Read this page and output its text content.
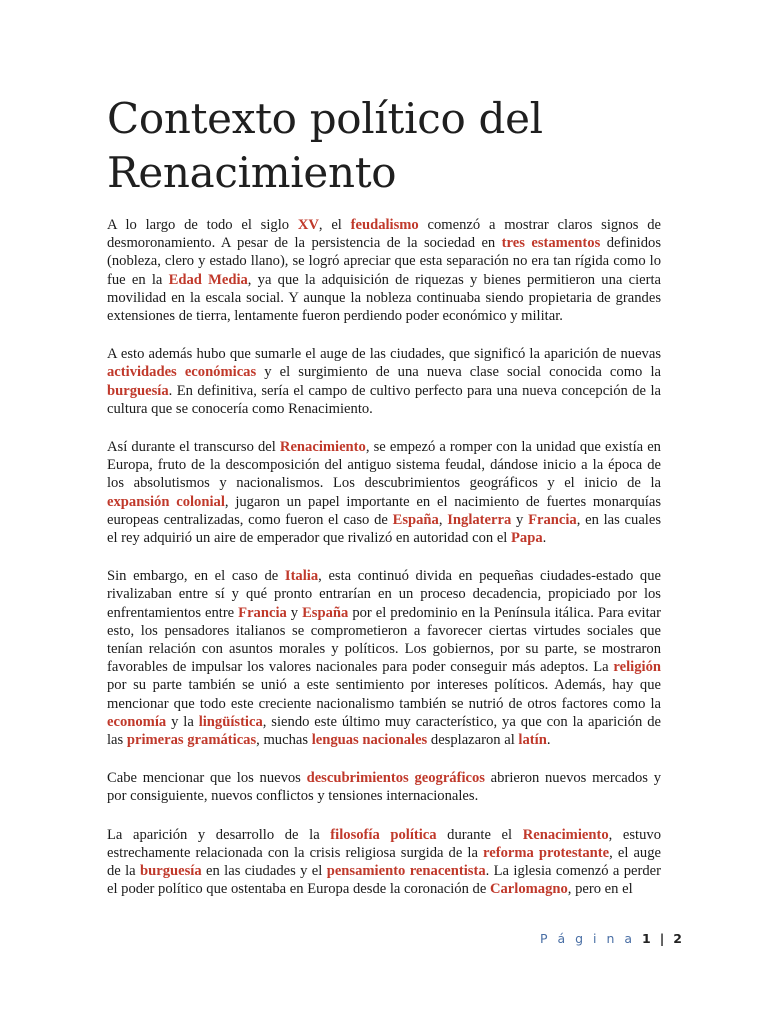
Contexto político del Renacimiento

A lo largo de todo el siglo XV, el feudalismo comenzó a mostrar claros signos de desmoronamiento. A pesar de la persistencia de la sociedad en tres estamentos definidos (nobleza, clero y estado llano), se logró apreciar que esta separación no era tan rígida como lo fue en la Edad Media, ya que la adquisición de riquezas y bienes permitieron una cierta movilidad en la escala social. Y aunque la nobleza continuaba siendo propietaria de grandes extensiones de tierra, lentamente fueron perdiendo poder económico y militar.

A esto además hubo que sumarle el auge de las ciudades, que significó la aparición de nuevas actividades económicas y el surgimiento de una nueva clase social conocida como la burguesía. En definitiva, sería el campo de cultivo perfecto para una nueva concepción de la cultura que se conocería como Renacimiento.

Así durante el transcurso del Renacimiento, se empezó a romper con la unidad que existía en Europa, fruto de la descomposición del antiguo sistema feudal, dándose inicio a la época de los absolutismos y nacionalismos. Los descubrimientos geográficos y el inicio de la expansión colonial, jugaron un papel importante en el nacimiento de fuertes monarquías europeas centralizadas, como fueron el caso de España, Inglaterra y Francia, en las cuales el rey adquirió un aire de emperador que rivalizó en autoridad con el Papa.

Sin embargo, en el caso de Italia, esta continuó divida en pequeñas ciudades-estado que rivalizaban entre sí y qué pronto entrarían en un proceso decadencia, propiciado por los enfrentamientos entre Francia y España por el predominio en la Península itálica. Para evitar esto, los pensadores italianos se comprometieron a favorecer ciertas virtudes sociales que tenían relación con asuntos morales y políticos. Los gobiernos, por su parte, se mostraron favorables de impulsar los valores nacionales para poder conseguir más adeptos. La religión por su parte también se unió a este sentimiento por intereses políticos. Además, hay que mencionar que todo este creciente nacionalismo también se nutrió de otros factores como la economía y la lingüística, siendo este último muy característico, ya que con la aparición de las primeras gramáticas, muchas lenguas nacionales desplazaron al latín.

Cabe mencionar que los nuevos descubrimientos geográficos abrieron nuevos mercados y por consiguiente, nuevos conflictos y tensiones internacionales.

La aparición y desarrollo de la filosofía política durante el Renacimiento, estuvo estrechamente relacionada con la crisis religiosa surgida de la reforma protestante, el auge de la burguesía en las ciudades y el pensamiento renacentista. La iglesia comenzó a perder el poder político que ostentaba en Europa desde la coronación de Carlomagno, pero en el

P á g i n a 1 | 2
